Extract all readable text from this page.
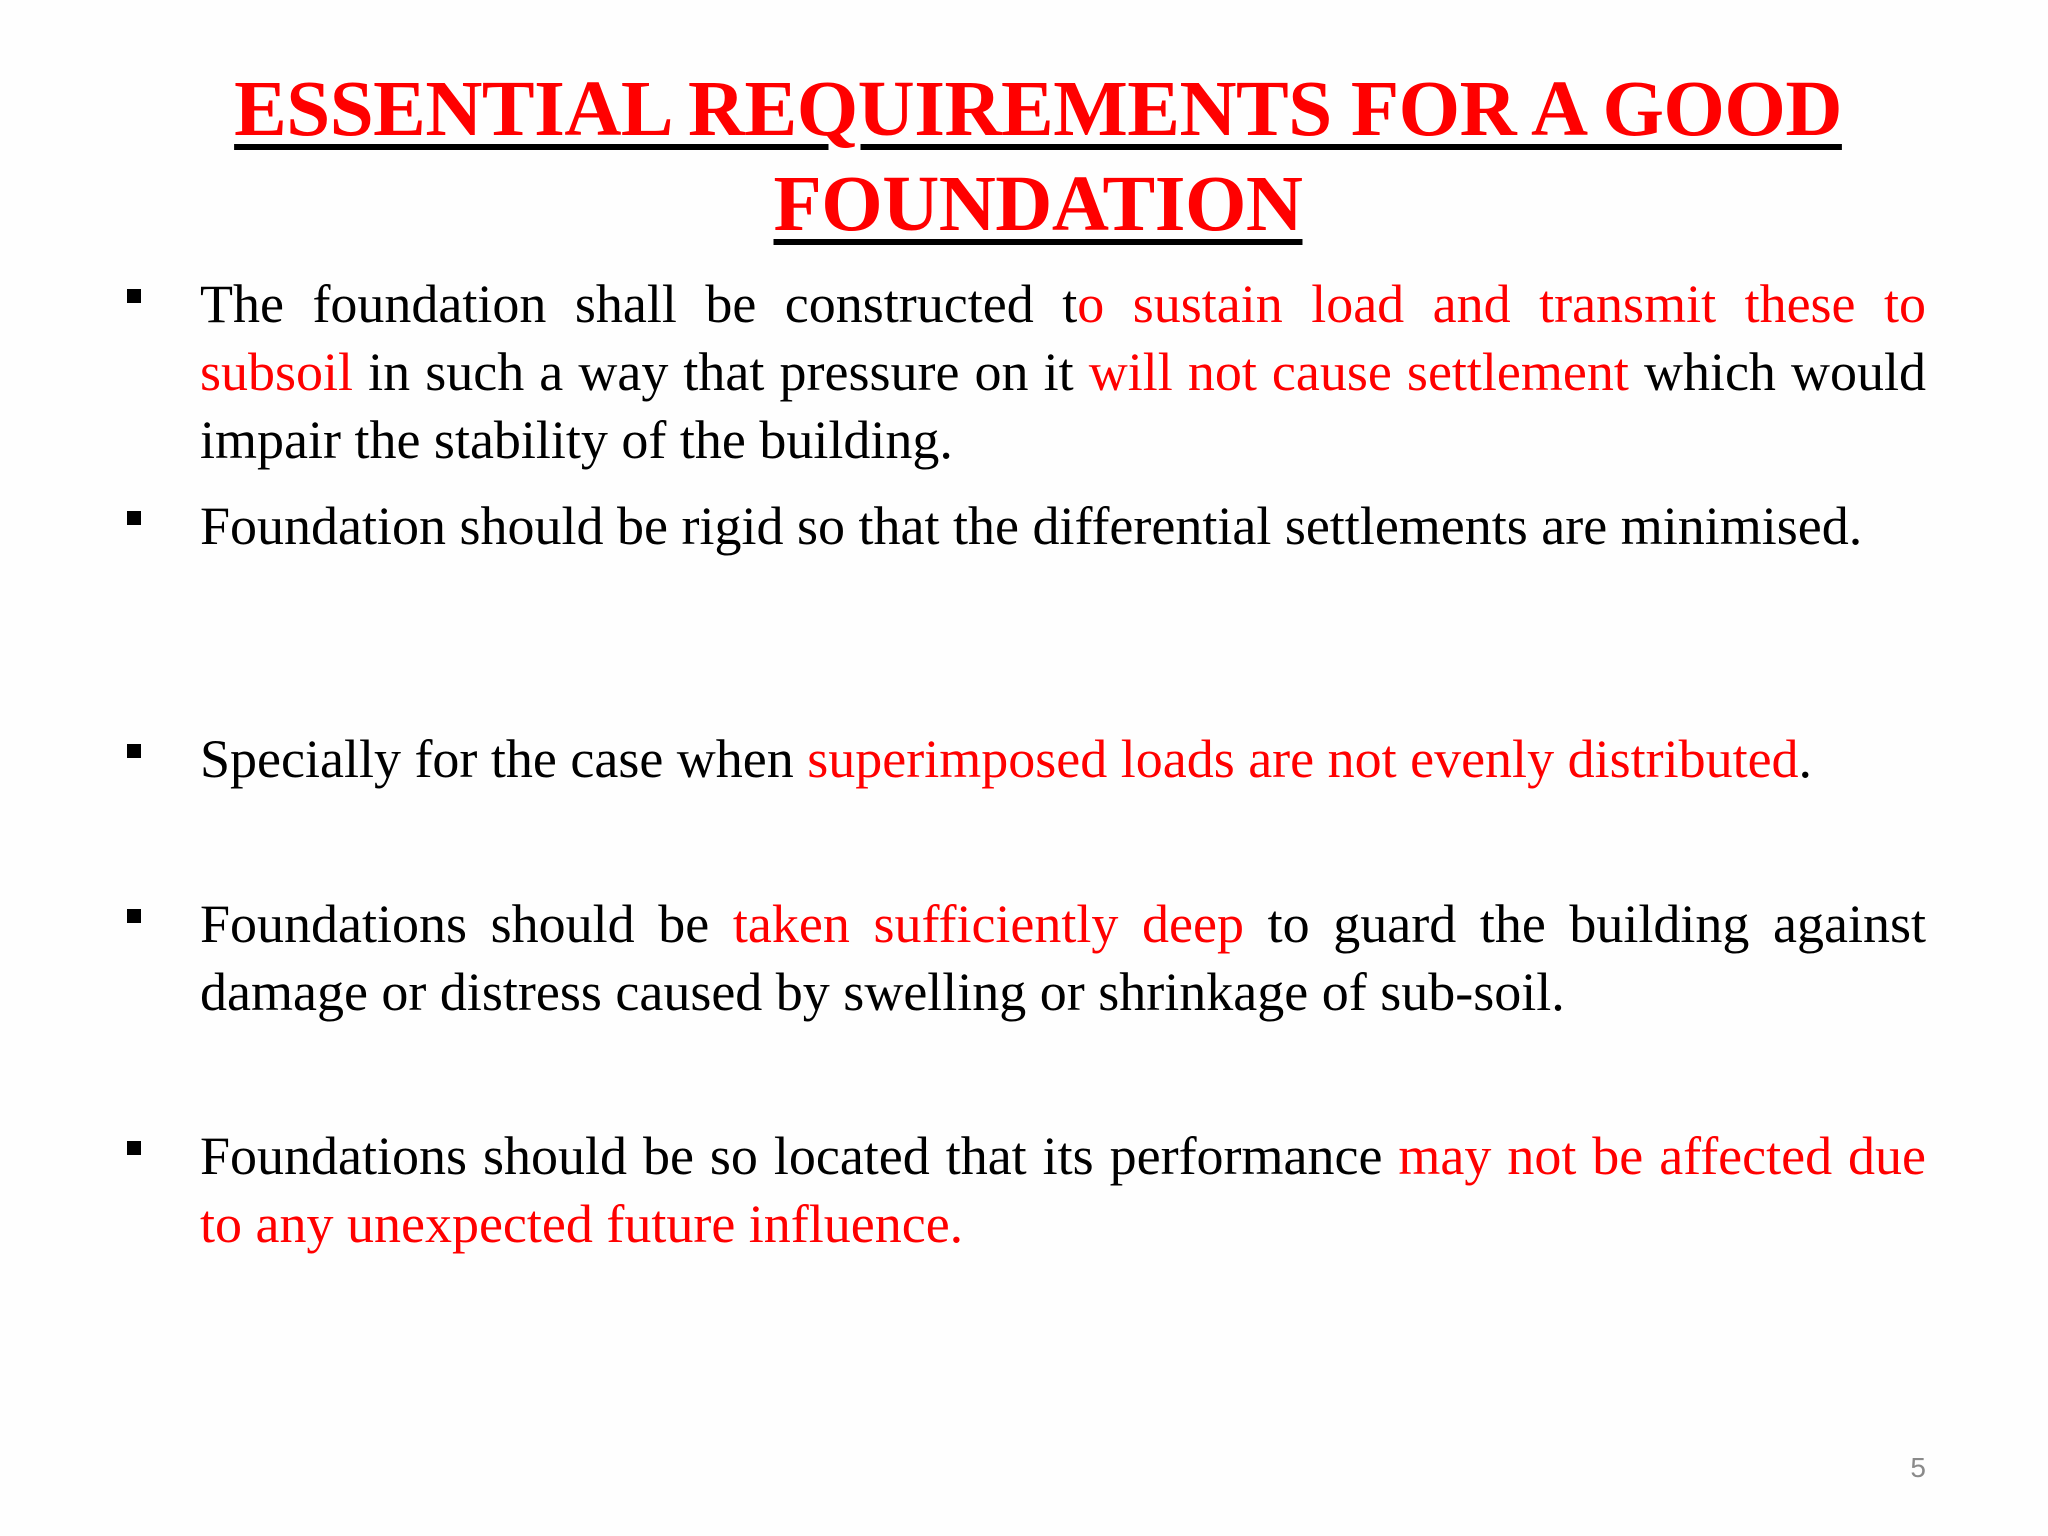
ESSENTIAL REQUIREMENTS FOR A GOOD
FOUNDATION
The foundation shall be constructed to sustain load and transmit these to subsoil in such a way that pressure on it will not cause settlement which would impair the stability of the building.
Foundation should be rigid so that the differential settlements are minimised.
Specially for the case when superimposed loads are not evenly distributed.
Foundations should be taken sufficiently deep to guard the building against damage or distress caused by swelling or shrinkage of sub-soil.
Foundations should be so located that its performance may not be affected due to any unexpected future influence.
5
